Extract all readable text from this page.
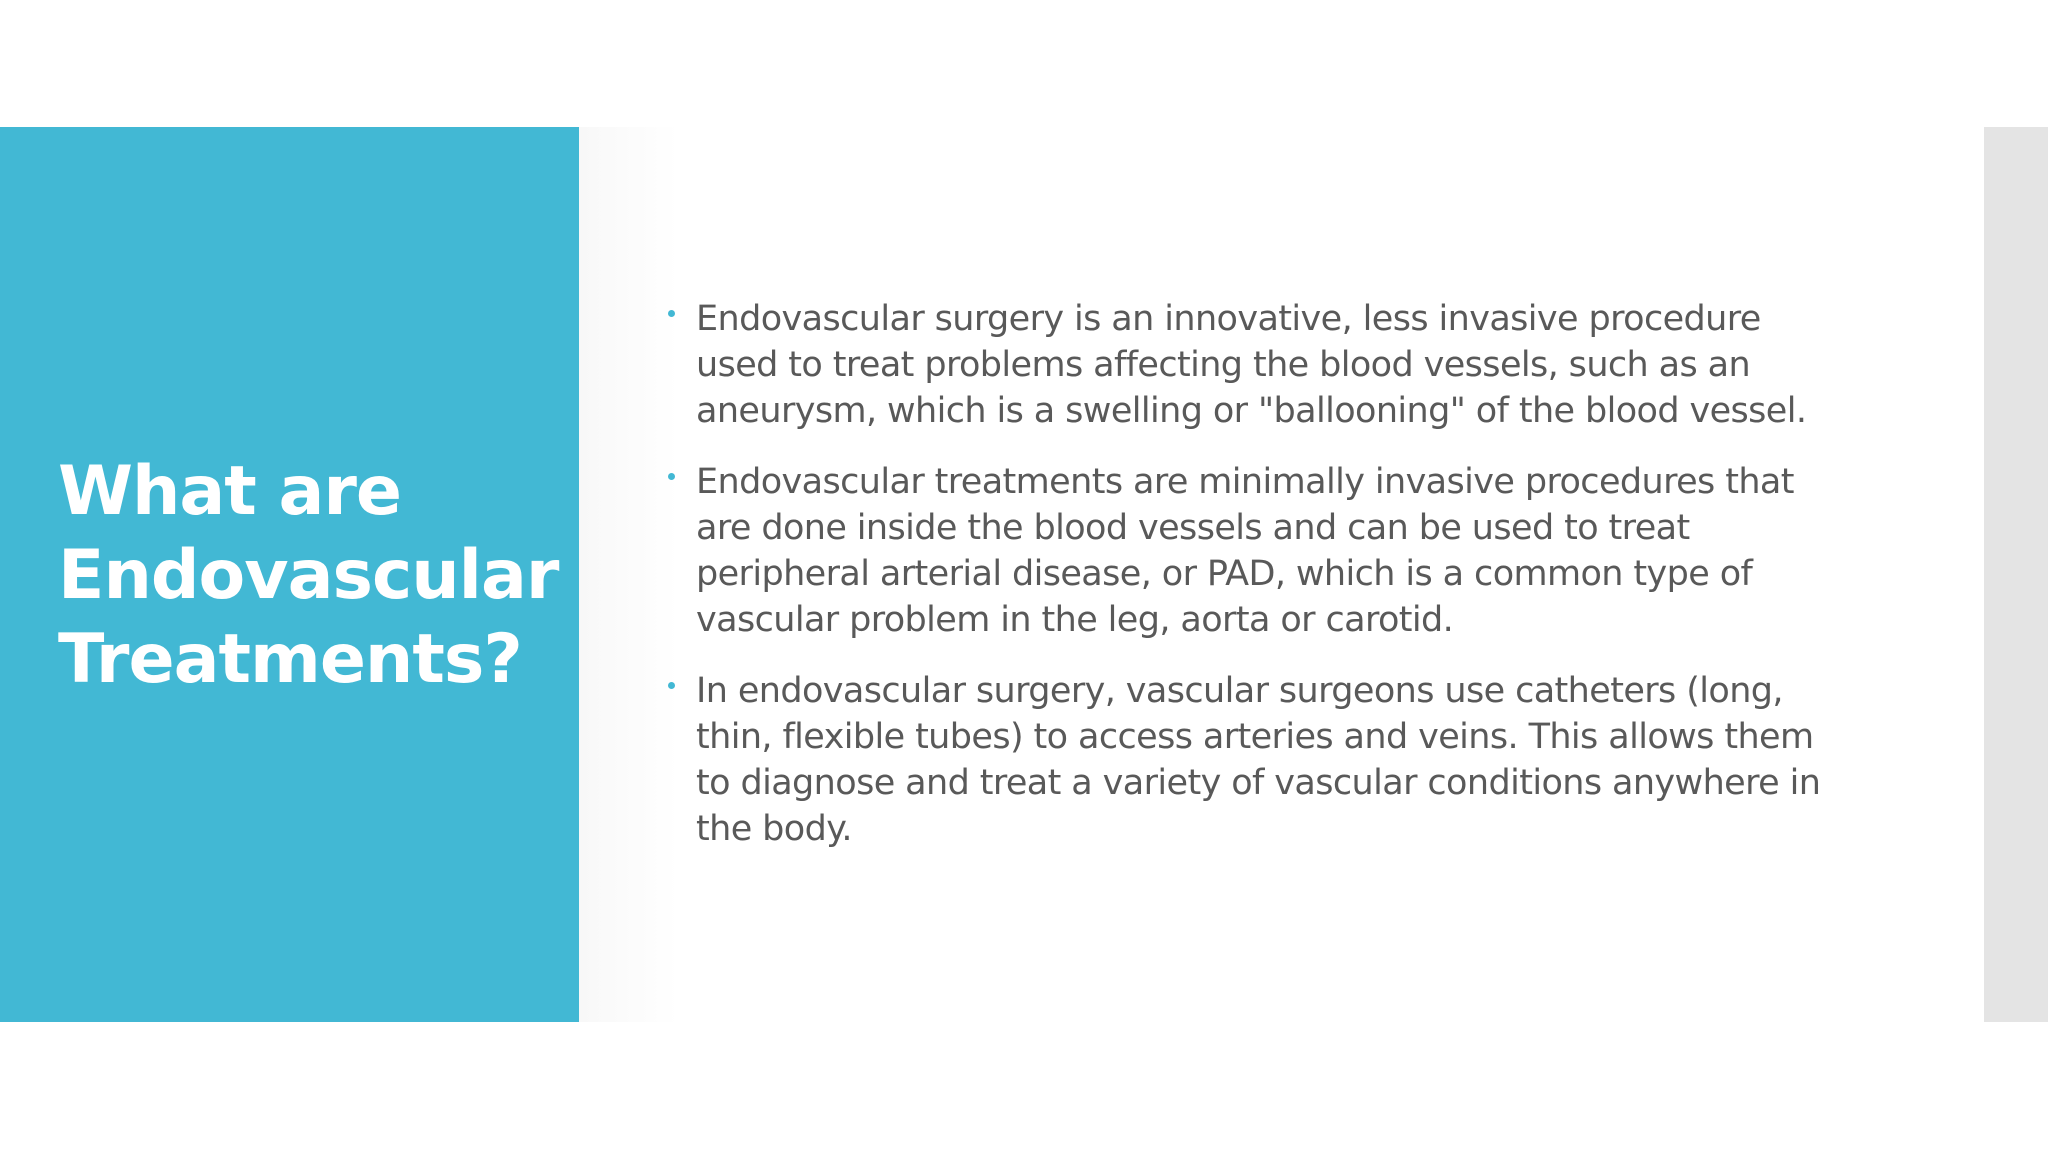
What are
Endovascular
Treatments?
Endovascular surgery is an innovative, less invasive procedure
used to treat problems affecting the blood vessels, such as an
aneurysm, which is a swelling or "ballooning" of the blood vessel.
Endovascular treatments are minimally invasive procedures that
are done inside the blood vessels and can be used to treat
peripheral arterial disease, or PAD, which is a common type of
vascular problem in the leg, aorta or carotid.
In endovascular surgery, vascular surgeons use catheters (long,
thin, flexible tubes) to access arteries and veins. This allows them
to diagnose and treat a variety of vascular conditions anywhere in
the body.
